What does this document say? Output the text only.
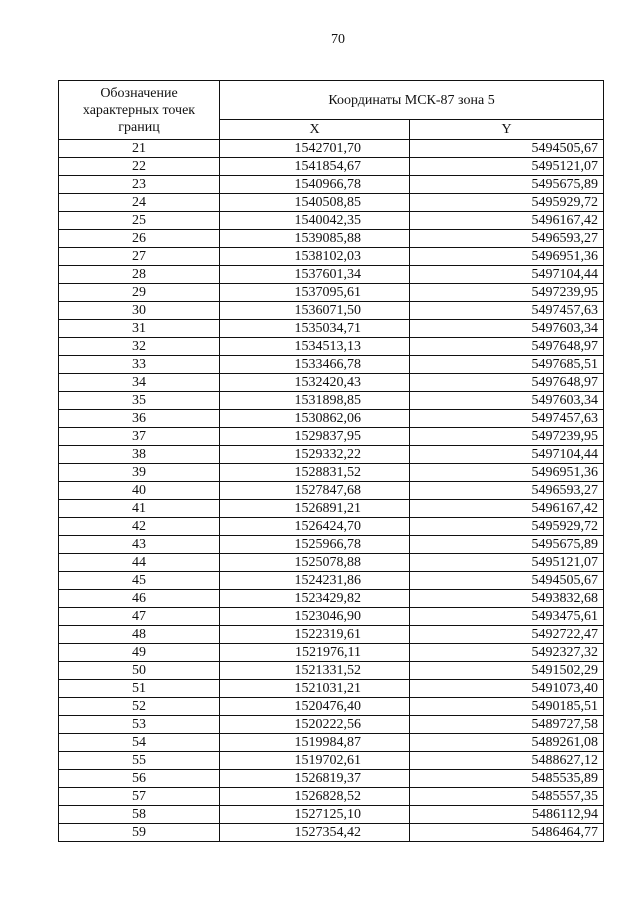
70
Обозначение характерных точек границ	Координаты МСК-87 зона 5	
	X	Y
21	1542701,70	5494505,67
22	1541854,67	5495121,07
23	1540966,78	5495675,89
24	1540508,85	5495929,72
25	1540042,35	5496167,42
26	1539085,88	5496593,27
27	1538102,03	5496951,36
28	1537601,34	5497104,44
29	1537095,61	5497239,95
30	1536071,50	5497457,63
31	1535034,71	5497603,34
32	1534513,13	5497648,97
33	1533466,78	5497685,51
34	1532420,43	5497648,97
35	1531898,85	5497603,34
36	1530862,06	5497457,63
37	1529837,95	5497239,95
38	1529332,22	5497104,44
39	1528831,52	5496951,36
40	1527847,68	5496593,27
41	1526891,21	5496167,42
42	1526424,70	5495929,72
43	1525966,78	5495675,89
44	1525078,88	5495121,07
45	1524231,86	5494505,67
46	1523429,82	5493832,68
47	1523046,90	5493475,61
48	1522319,61	5492722,47
49	1521976,11	5492327,32
50	1521331,52	5491502,29
51	1521031,21	5491073,40
52	1520476,40	5490185,51
53	1520222,56	5489727,58
54	1519984,87	5489261,08
55	1519702,61	5488627,12
56	1526819,37	5485535,89
57	1526828,52	5485557,35
58	1527125,10	5486112,94
59	1527354,42	5486464,77
